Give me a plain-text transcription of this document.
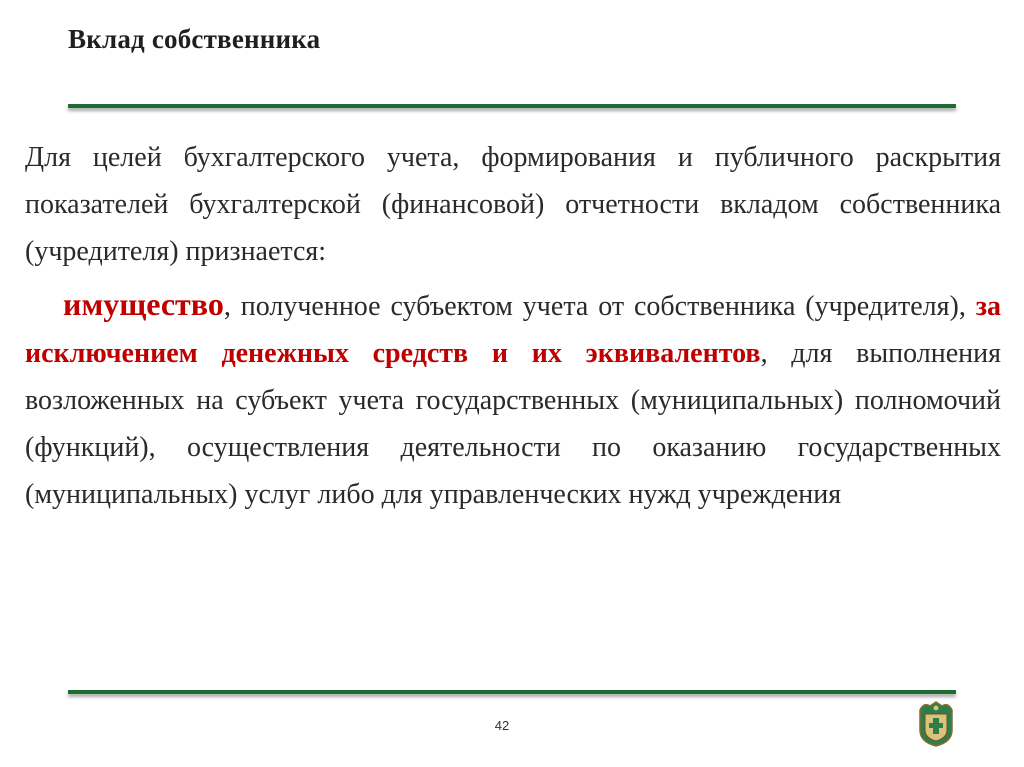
Вклад собственника

Для целей бухгалтерского учета, формирования и публичного раскрытия показателей бухгалтерской (финансовой) отчетности вкладом собственника (учредителя) признается:

имущество, полученное субъектом учета от собственника (учредителя), за исключением денежных средств и их эквивалентов, для выполнения возложенных на субъект учета государственных (муниципальных) полномочий (функций), осуществления деятельности по оказанию государственных (муниципальных) услуг либо для управленческих нужд учреждения

42
